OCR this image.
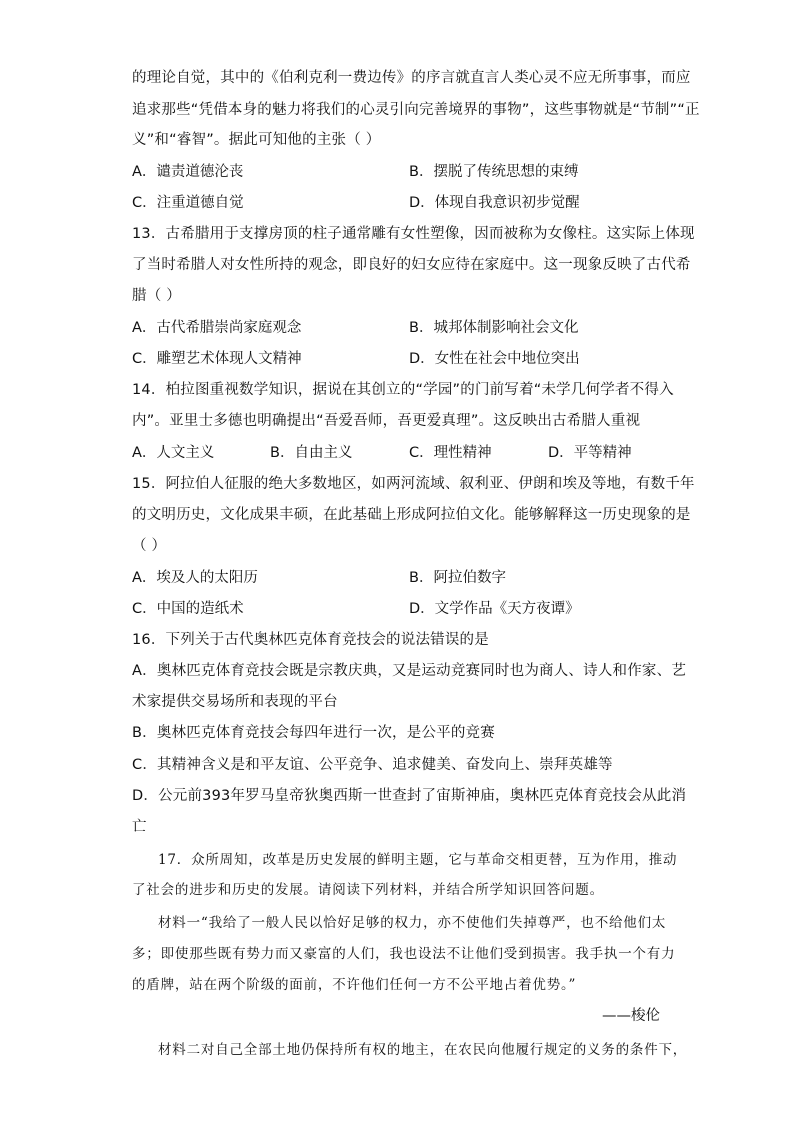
的理论自觉，其中的《伯利克利一费边传》的序言就直言人类心灵不应无所事事，而应
追求那些“凭借本身的魅力将我们的心灵引向完善境界的事物”，这些事物就是“节制”“正
义”和“睿智”。据此可知他的主张（ ）
A．谴责道德沦丧	B．摆脱了传统思想的束缚
C．注重道德自觉	D．体现自我意识初步觉醒
13．古希腊用于支撑房顶的柱子通常雕有女性塑像，因而被称为女像柱。这实际上体现
了当时希腊人对女性所持的观念，即良好的妇女应待在家庭中。这一现象反映了古代希
腊（ ）
A．古代希腊崇尚家庭观念	B．城邦体制影响社会文化
C．雕塑艺术体现人文精神	D．女性在社会中地位突出
14．柏拉图重视数学知识，据说在其创立的“学园”的门前写着“未学几何学者不得入
内”。亚里士多德也明确提出“吾爱吾师，吾更爱真理”。这反映出古希腊人重视
A．人文主义	B．自由主义	C．理性精神	D．平等精神
15．阿拉伯人征服的绝大多数地区，如两河流域、叙利亚、伊朗和埃及等地，有数千年
的文明历史，文化成果丰硕，在此基础上形成阿拉伯文化。能够解释这一历史现象的是
（ ）
A．埃及人的太阳历	B．阿拉伯数字
C．中国的造纸术	D．文学作品《天方夜谭》
16．下列关于古代奥林匹克体育竞技会的说法错误的是
A．奥林匹克体育竞技会既是宗教庆典，又是运动竞赛同时也为商人、诗人和作家、艺
术家提供交易场所和表现的平台
B．奥林匹克体育竞技会每四年进行一次，是公平的竞赛
C．其精神含义是和平友谊、公平竞争、追求健美、奋发向上、崇拜英雄等
D．公元前393年罗马皇帝狄奥西斯一世查封了宙斯神庙，奥林匹克体育竞技会从此消
亡
17．众所周知，改革是历史发展的鲜明主题，它与革命交相更替，互为作用，推动
了社会的进步和历史的发展。请阅读下列材料，并结合所学知识回答问题。
材料一“我给了一般人民以恰好足够的权力，亦不使他们失掉尊严，也不给他们太
多；即使那些既有势力而又豪富的人们，我也设法不让他们受到损害。我手执一个有力
的盾牌，站在两个阶级的面前，不许他们任何一方不公平地占着优势。”
——梭伦
材料二对自己全部土地仍保持所有权的地主，在农民向他履行规定的义务的条件下，
